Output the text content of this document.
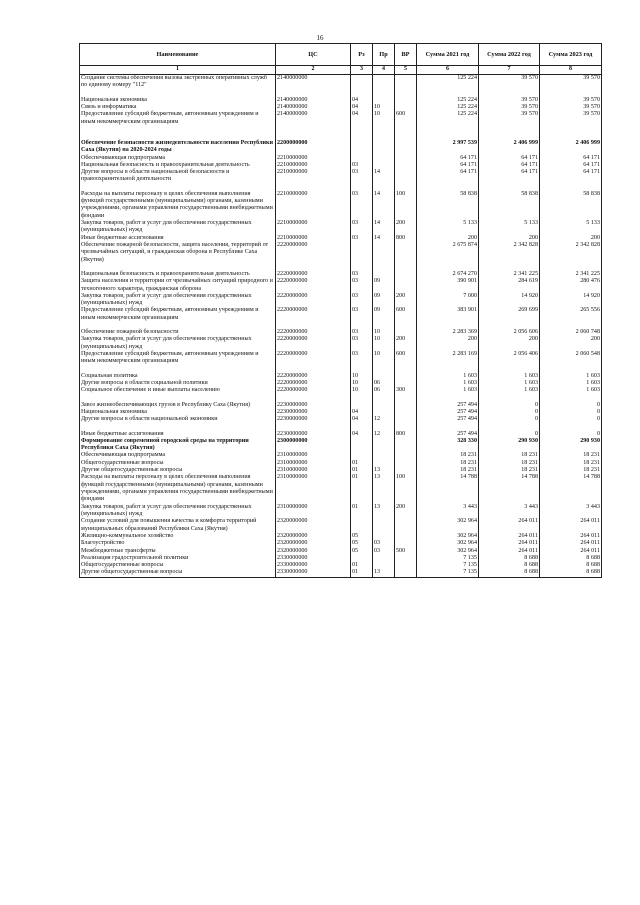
16
Наименование	ЦС	Рз	Пр	ВР	Сумма 2021 год	Сумма 2022 год	Сумма 2023 год
1	2	3	4	5	6	7	8
Создание системы обеспечения вызова экстренных оперативных служб по единому номеру "112"	2140000000				125 224	39 570	39 570

Национальная экономика	2140000000	04			125 224	39 570	39 570
Связь и информатика	2140000000	04	10		125 224	39 570	39 570
Предоставление субсидий бюджетным, автономным учреждениям и иным некоммерческим организациям	2140000000	04	10	600	125 224	39 570	39 570

Обеспечение безопасности жизнедеятельности населения Республики Саха (Якутия) на 2020-2024 годы	2200000000				2 997 539	2 406 999	2 406 999
Обеспечивающая подпрограмма	2210000000				64 171	64 171	64 171
Национальная безопасность и правоохранительная деятельность	2210000000	03			64 171	64 171	64 171
Другие вопросы в области национальной безопасности и правоохранительной деятельности	2210000000	03	14		64 171	64 171	64 171

Расходы на выплаты персоналу в целях обеспечения выполнения функций государственными (муниципальными) органами, казенными учреждениями, органами управления государственными внебюджетными фондами	2210000000	03	14	100	58 838	58 838	58 838
Закупка товаров, работ и услуг для обеспечения государственных (муниципальных) нужд	2210000000	03	14	200	5 133	5 133	5 133
Иные бюджетные ассигнования	2210000000	03	14	800	200	200	200
Обеспечение пожарной безопасности, защита населения, территорий от чрезвычайных ситуаций, и гражданская оборона в Республике Саха (Якутия)	2220000000				2 675 874	2 342 828	2 342 828

Национальная безопасность и правоохранительная деятельность	2220000000	03			2 674 270	2 341 225	2 341 225
Защита населения и территории от чрезвычайных ситуаций природного и техногенного характера, гражданская оборона	2220000000	03	09		390 901	284 619	280 476
Закупка товаров, работ и услуг для обеспечения государственных (муниципальных) нужд	2220000000	03	09	200	7 000	14 920	14 920
Предоставление субсидий бюджетным, автономным учреждениям и иным некоммерческим организациям	2220000000	03	09	600	383 901	269 699	265 556

Обеспечение пожарной безопасности	2220000000	03	10		2 283 369	2 056 606	2 060 748
Закупка товаров, работ и услуг для обеспечения государственных (муниципальных) нужд	2220000000	03	10	200	200	200	200
Предоставление субсидий бюджетным, автономным учреждениям и иным некоммерческим организациям	2220000000	03	10	600	2 283 169	2 056 406	2 060 548

Социальная политика	2220000000	10			1 603	1 603	1 603
Другие вопросы в области социальной политики	2220000000	10	06		1 603	1 603	1 603
Социальное обеспечение и иные выплаты населению	2220000000	10	06	300	1 603	1 603	1 603

Завоз жизнеобеспечивающих грузов в Республику Саха (Якутия)	2230000000				257 494	0	0
Национальная экономика	2230000000	04			257 494	0	0
Другие вопросы в области национальной экономики	2230000000	04	12		257 494	0	0

Иные бюджетные ассигнования	2230000000	04	12	800	257 494	0	0
Формирование современной городской среды на территории Республики Саха (Якутия)	2300000000				328 330	290 930	290 930
Обеспечивающая подпрограмма	2310000000				18 231	18 231	18 231
Общегосударственные вопросы	2310000000	01			18 231	18 231	18 231
Другие общегосударственные вопросы	2310000000	01	13		18 231	18 231	18 231
Расходы на выплаты персоналу в целях обеспечения выполнения функций государственными (муниципальными) органами, казенными учреждениями, органами управления государственными внебюджетными фондами	2310000000	01	13	100	14 788	14 788	14 788
Закупка товаров, работ и услуг для обеспечения государственных (муниципальных) нужд	2310000000	01	13	200	3 443	3 443	3 443
Создание условий для повышения качества и комфорта территорий муниципальных образований Республики Саха (Якутия)	2320000000				302 964	264 011	264 011
Жилищно-коммунальное хозяйство	2320000000	05			302 964	264 011	264 011
Благоустройство	2320000000	05	03		302 964	264 011	264 011
Межбюджетные трансферты	2320000000	05	03	500	302 964	264 011	264 011
Реализация градостроительной политики	2330000000				7 135	8 688	8 688
Общегосударственные вопросы	2330000000	01			7 135	8 688	8 688
Другие общегосударственные вопросы	2330000000	01	13		7 135	8 688	8 688
